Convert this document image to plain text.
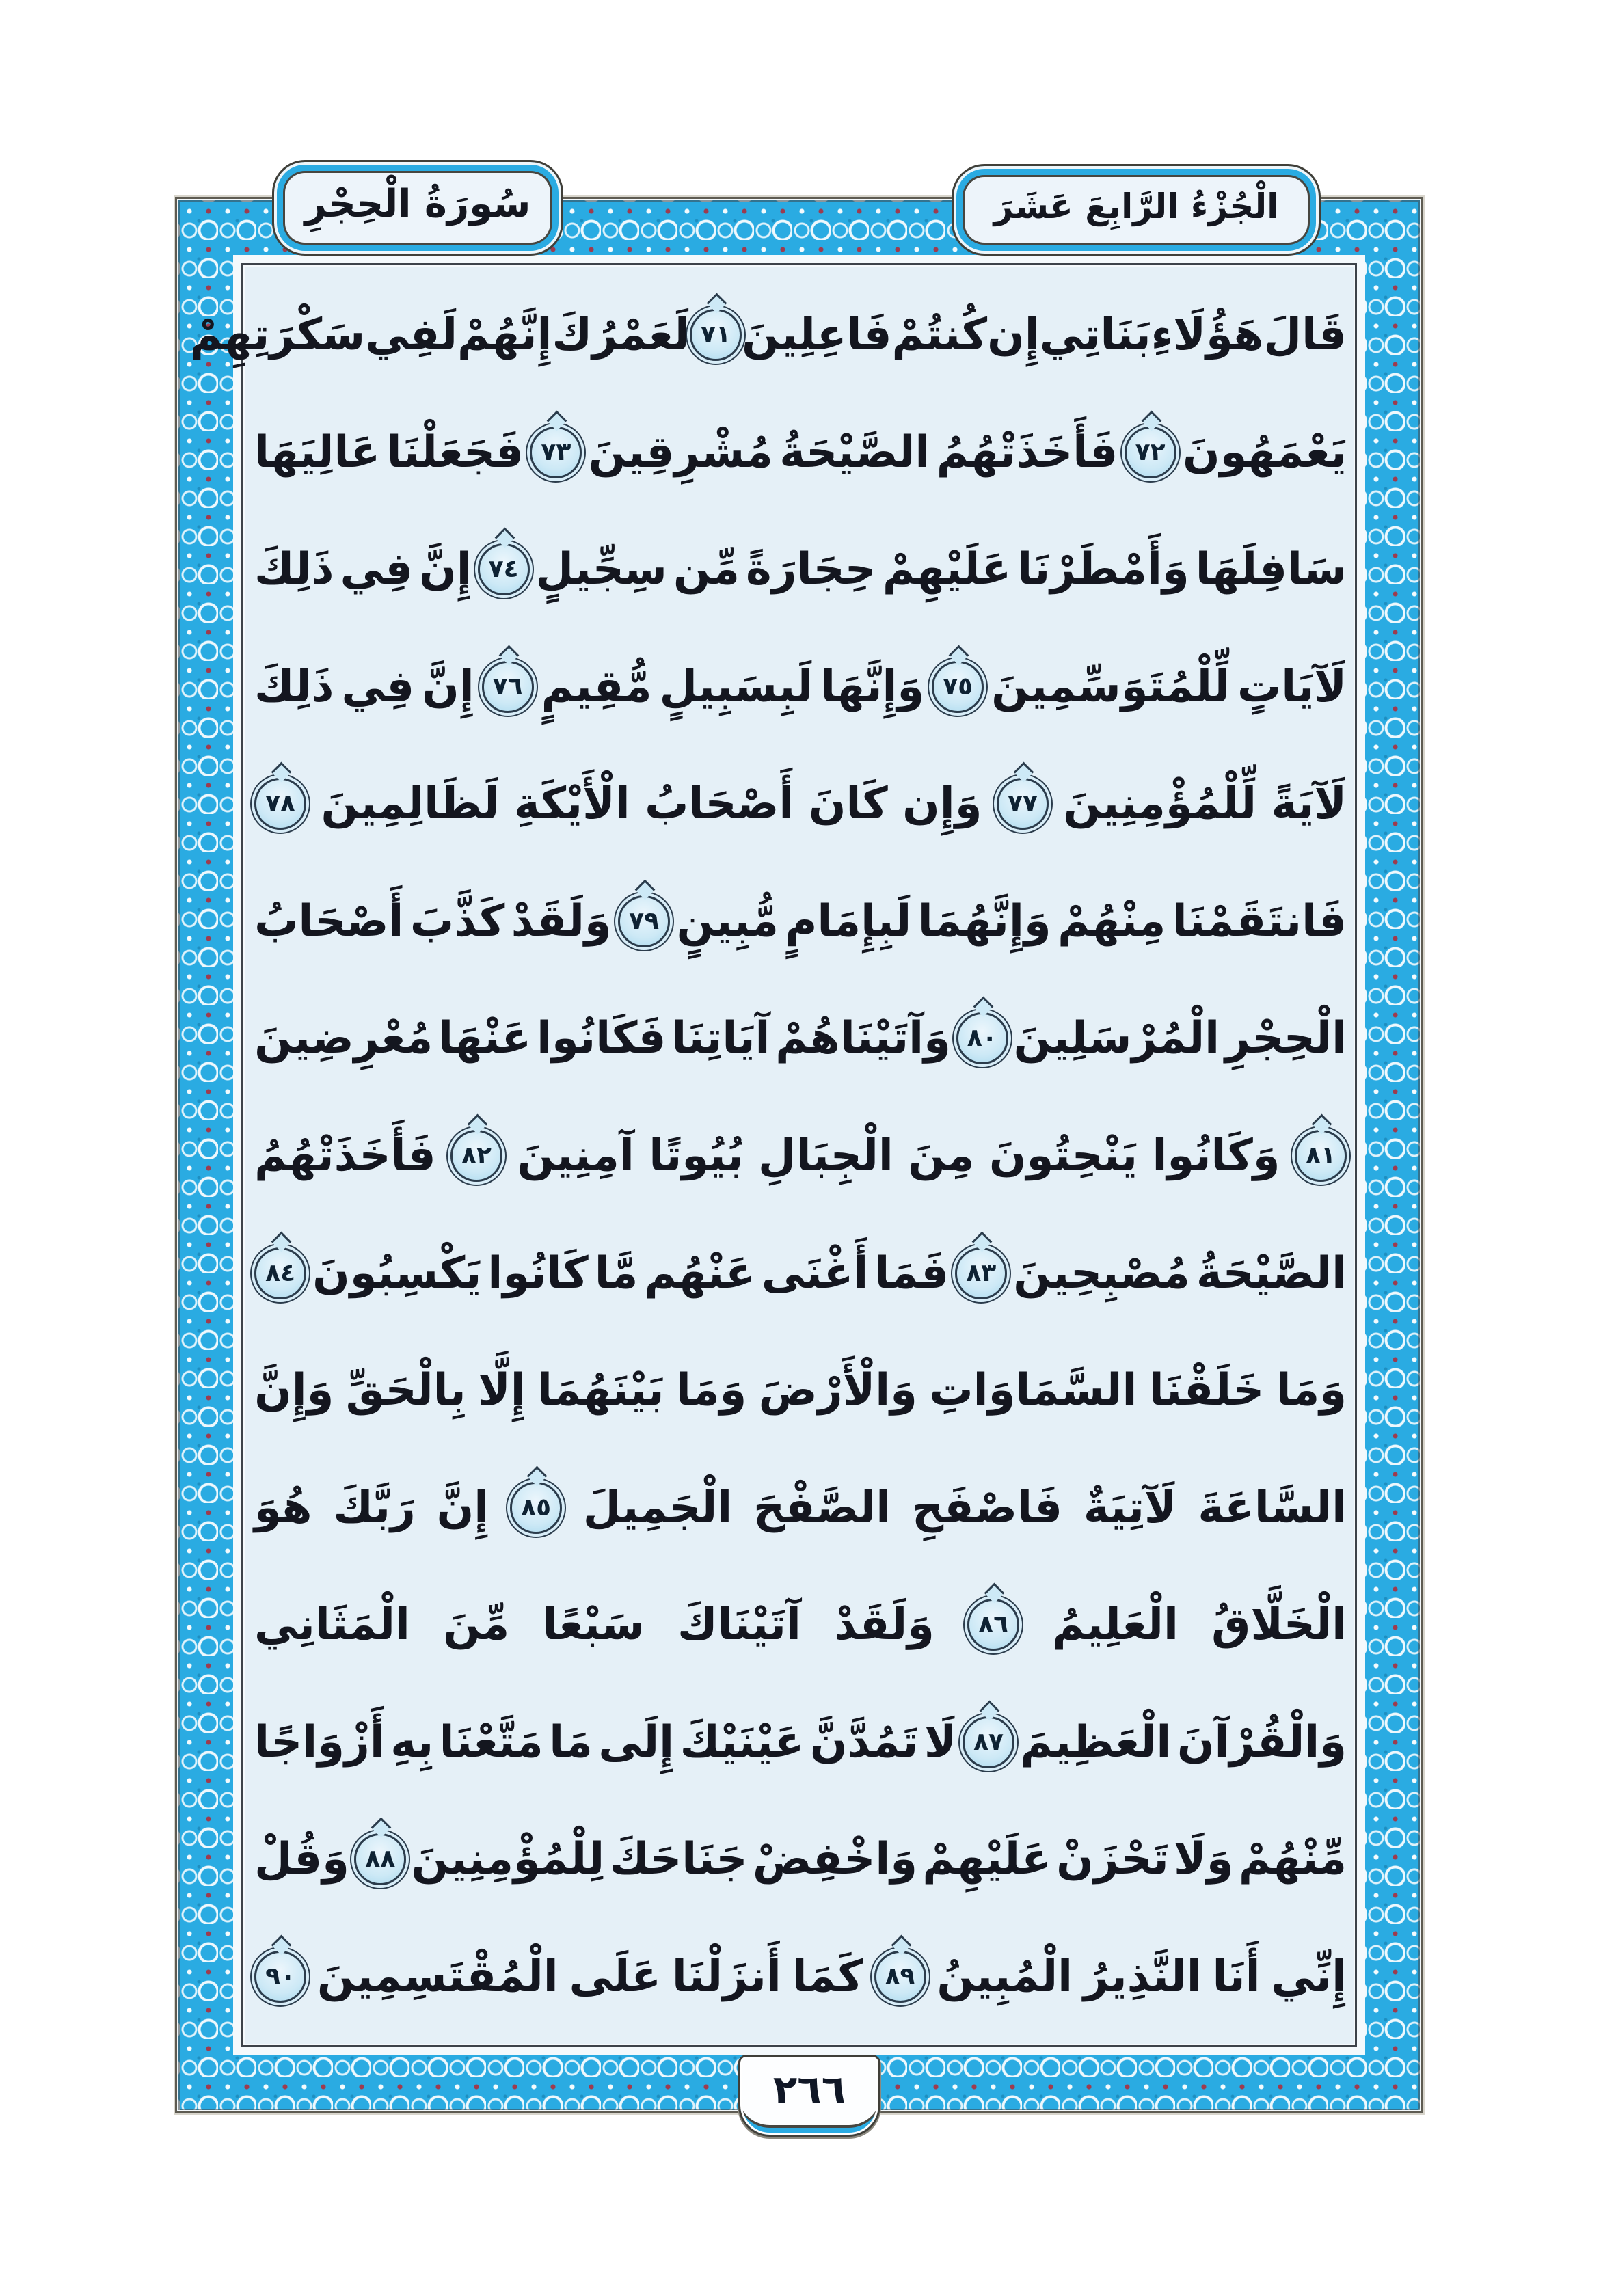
سُورَةُ الْحِجْرِ	الْجُزْءُ الرَّابِعَ عَشَرَ
قَالَ
هَؤُلَاءِ
بَنَاتِي
إِن
كُنتُمْ
فَاعِلِينَ
٧١
لَعَمْرُكَ
إِنَّهُمْ
لَفِي
سَكْرَتِهِمْ
يَعْمَهُونَ
٧٢
فَأَخَذَتْهُمُ
الصَّيْحَةُ
مُشْرِقِينَ
٧٣
فَجَعَلْنَا
عَالِيَهَا
سَافِلَهَا
وَأَمْطَرْنَا
عَلَيْهِمْ
حِجَارَةً
مِّن
سِجِّيلٍ
٧٤
إِنَّ
فِي
ذَلِكَ
لَآيَاتٍ
لِّلْمُتَوَسِّمِينَ
٧٥
وَإِنَّهَا
لَبِسَبِيلٍ
مُّقِيمٍ
٧٦
إِنَّ
فِي
ذَلِكَ
لَآيَةً
لِّلْمُؤْمِنِينَ
٧٧
وَإِن
كَانَ
أَصْحَابُ
الْأَيْكَةِ
لَظَالِمِينَ
٧٨
فَانتَقَمْنَا
مِنْهُمْ
وَإِنَّهُمَا
لَبِإِمَامٍ
مُّبِينٍ
٧٩
وَلَقَدْ
كَذَّبَ
أَصْحَابُ
الْحِجْرِ
الْمُرْسَلِينَ
٨٠
وَآتَيْنَاهُمْ
آيَاتِنَا
فَكَانُوا
عَنْهَا
مُعْرِضِينَ
٨١
وَكَانُوا
يَنْحِتُونَ
مِنَ
الْجِبَالِ
بُيُوتًا
آمِنِينَ
٨٢
فَأَخَذَتْهُمُ
الصَّيْحَةُ
مُصْبِحِينَ
٨٣
فَمَا
أَغْنَى
عَنْهُم
مَّا
كَانُوا
يَكْسِبُونَ
٨٤
وَمَا
خَلَقْنَا
السَّمَاوَاتِ
وَالْأَرْضَ
وَمَا
بَيْنَهُمَا
إِلَّا
بِالْحَقِّ
وَإِنَّ
السَّاعَةَ
لَآتِيَةٌ
فَاصْفَحِ
الصَّفْحَ
الْجَمِيلَ
٨٥
إِنَّ
رَبَّكَ
هُوَ
الْخَلَّاقُ
الْعَلِيمُ
٨٦
وَلَقَدْ
آتَيْنَاكَ
سَبْعًا
مِّنَ
الْمَثَانِي
وَالْقُرْآنَ
الْعَظِيمَ
٨٧
لَا
تَمُدَّنَّ
عَيْنَيْكَ
إِلَى
مَا
مَتَّعْنَا
بِهِ
أَزْوَاجًا
مِّنْهُمْ
وَلَا
تَحْزَنْ
عَلَيْهِمْ
وَاخْفِضْ
جَنَاحَكَ
لِلْمُؤْمِنِينَ
٨٨
وَقُلْ
إِنِّي
أَنَا
النَّذِيرُ
الْمُبِينُ
٨٩
كَمَا
أَنزَلْنَا
عَلَى
الْمُقْتَسِمِينَ
٩٠
٢٦٦
